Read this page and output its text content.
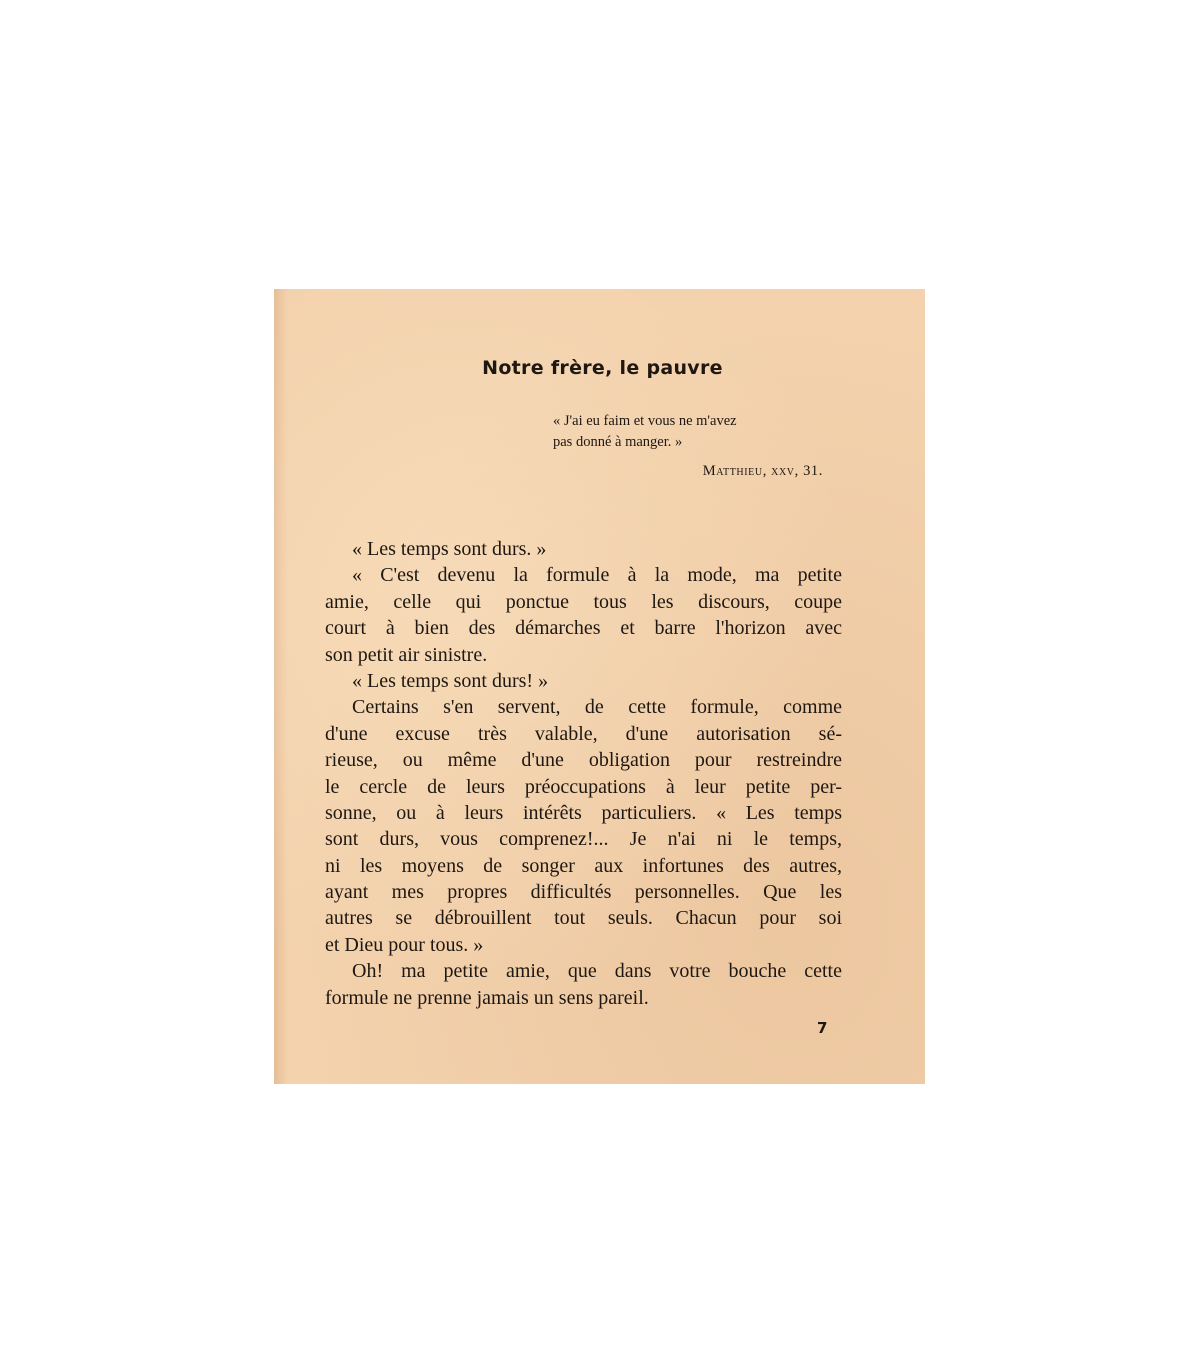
Notre frère, le pauvre
« J'ai eu faim et vous ne m'avez
pas donné à manger. »
Matthieu, xxv, 31.
« Les temps sont durs. »
« C'est devenu la formule à la mode, ma petite
amie, celle qui ponctue tous les discours, coupe
court à bien des démarches et barre l'horizon avec
son petit air sinistre.
« Les temps sont durs! »
Certains s'en servent, de cette formule, comme
d'une excuse très valable, d'une autorisation sé-
rieuse, ou même d'une obligation pour restreindre
le cercle de leurs préoccupations à leur petite per-
sonne, ou à leurs intérêts particuliers. « Les temps
sont durs, vous comprenez!... Je n'ai ni le temps,
ni les moyens de songer aux infortunes des autres,
ayant mes propres difficultés personnelles. Que les
autres se débrouillent tout seuls. Chacun pour soi
et Dieu pour tous. »
Oh! ma petite amie, que dans votre bouche cette
formule ne prenne jamais un sens pareil.
7
